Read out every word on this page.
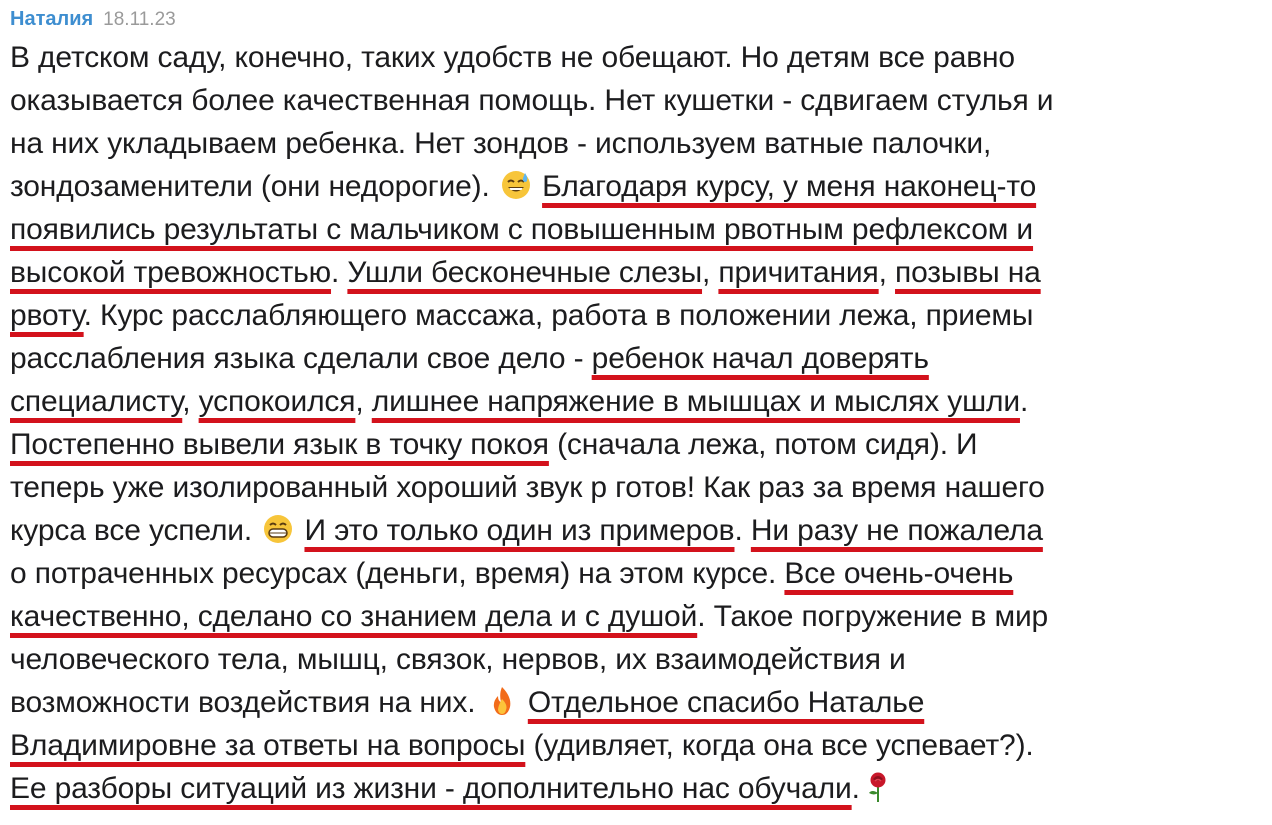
Наталия 18.11.23
В детском саду, конечно, таких удобств не обещают. Но детям все равно
оказывается более качественная помощь. Нет кушетки - сдвигаем стулья и
на них укладываем ребенка. Нет зондов - используем ватные палочки,
зондозаменители (они недорогие).
Благодаря курсу, у меня наконец-то
появились результаты с мальчиком с повышенным рвотным рефлексом и
высокой тревожностью. Ушли бесконечные слезы, причитания, позывы на
рвоту. Курс расслабляющего массажа, работа в положении лежа, приемы
расслабления языка сделали свое дело - ребенок начал доверять
специалисту, успокоился, лишнее напряжение в мышцах и мыслях ушли.
Постепенно вывели язык в точку покоя (сначала лежа, потом сидя). И
теперь уже изолированный хороший звук р готов! Как раз за время нашего
курса все успели.
И это только один из примеров. Ни разу не пожалела
о потраченных ресурсах (деньги, время) на этом курсе. Все очень-очень
качественно, сделано со знанием дела и с душой. Такое погружение в мир
человеческого тела, мышц, связок, нервов, их взаимодействия и
возможности воздействия на них.
Отдельное спасибо Наталье
Владимировне за ответы на вопросы (удивляет, когда она все успевает?).
Ее разборы ситуаций из жизни - дополнительно нас обучали.
